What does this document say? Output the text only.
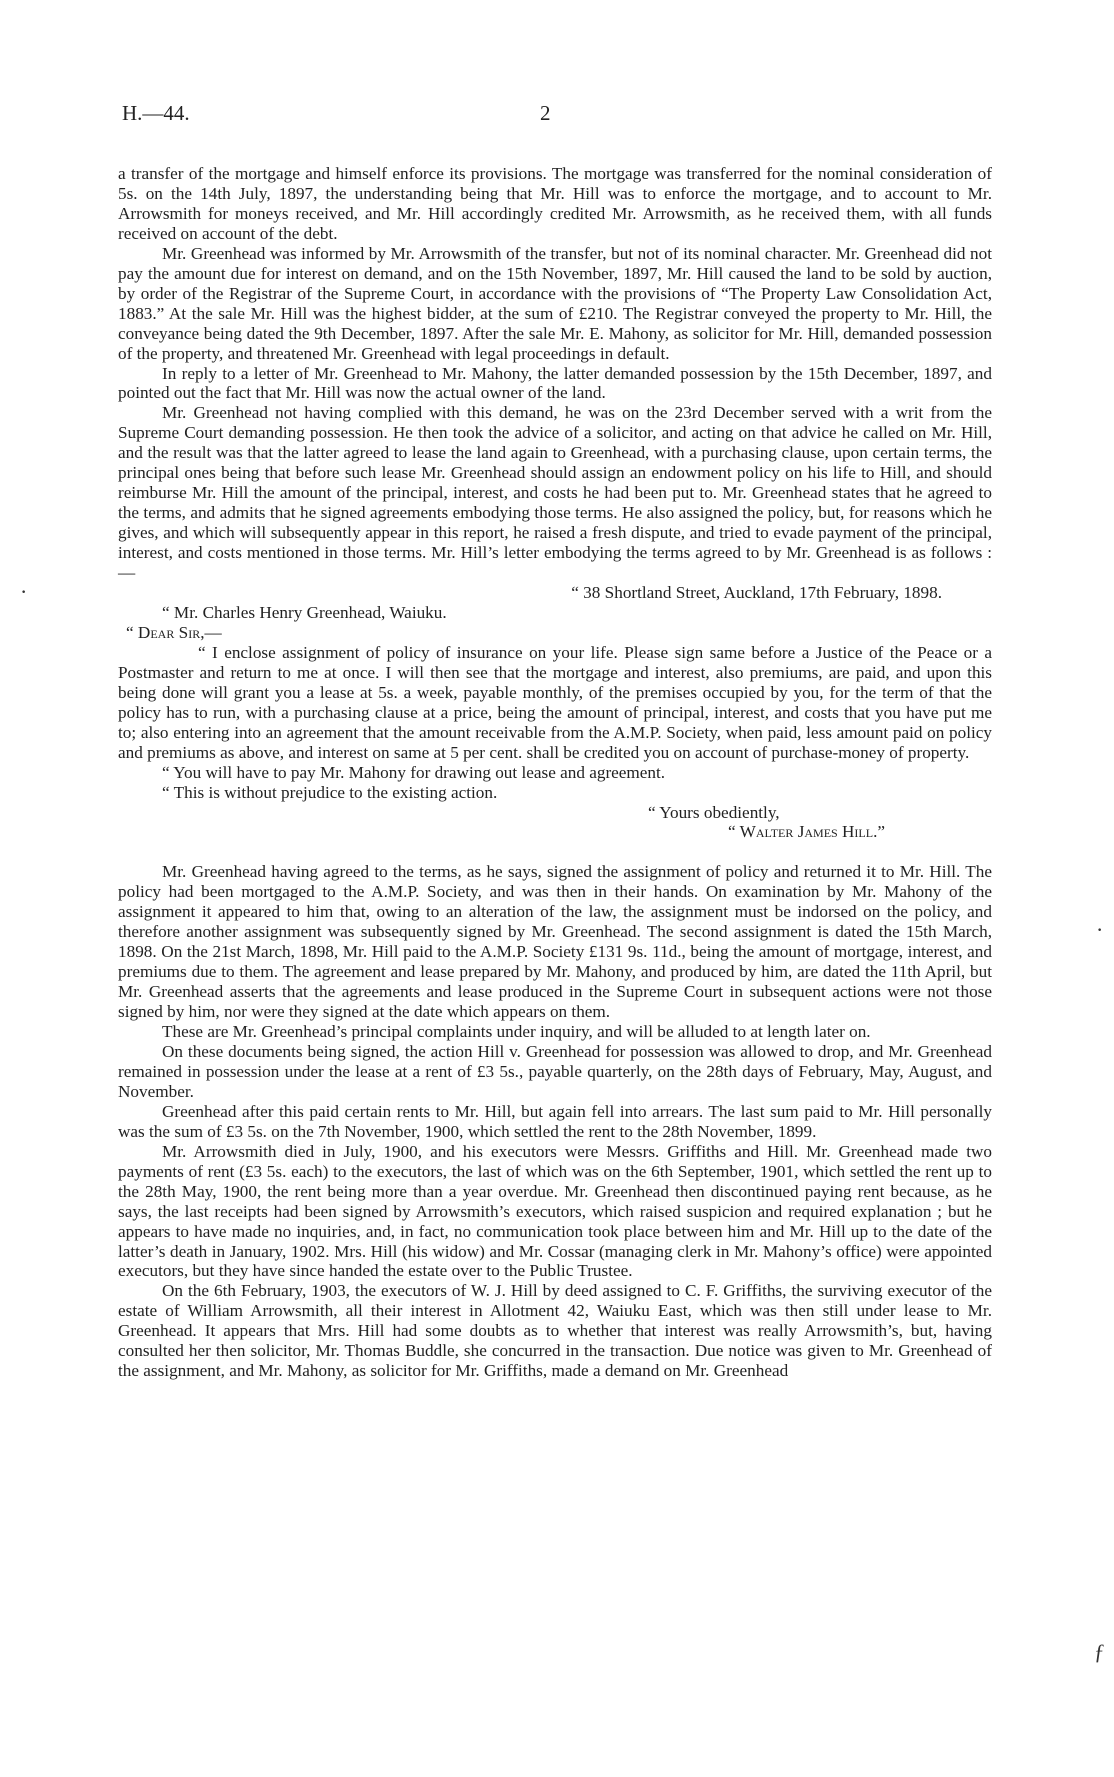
H.—44.	2

a transfer of the mortgage and himself enforce its provisions. The mortgage was transferred for the nominal consideration of 5s. on the 14th July, 1897, the understanding being that Mr. Hill was to enforce the mortgage, and to account to Mr. Arrowsmith for moneys received, and Mr. Hill accordingly credited Mr. Arrowsmith, as he received them, with all funds received on account of the debt.

Mr. Greenhead was informed by Mr. Arrowsmith of the transfer, but not of its nominal character. Mr. Greenhead did not pay the amount due for interest on demand, and on the 15th November, 1897, Mr. Hill caused the land to be sold by auction, by order of the Registrar of the Supreme Court, in accordance with the provisions of “The Property Law Consolidation Act, 1883.” At the sale Mr. Hill was the highest bidder, at the sum of £210. The Registrar conveyed the property to Mr. Hill, the conveyance being dated the 9th December, 1897. After the sale Mr. E. Mahony, as solicitor for Mr. Hill, demanded possession of the property, and threatened Mr. Greenhead with legal proceedings in default.

In reply to a letter of Mr. Greenhead to Mr. Mahony, the latter demanded possession by the 15th December, 1897, and pointed out the fact that Mr. Hill was now the actual owner of the land.

Mr. Greenhead not having complied with this demand, he was on the 23rd December served with a writ from the Supreme Court demanding possession. He then took the advice of a solicitor, and acting on that advice he called on Mr. Hill, and the result was that the latter agreed to lease the land again to Greenhead, with a purchasing clause, upon certain terms, the principal ones being that before such lease Mr. Greenhead should assign an endowment policy on his life to Hill, and should reimburse Mr. Hill the amount of the principal, interest, and costs he had been put to. Mr. Greenhead states that he agreed to the terms, and admits that he signed agreements embodying those terms. He also assigned the policy, but, for reasons which he gives, and which will subsequently appear in this report, he raised a fresh dispute, and tried to evade payment of the principal, interest, and costs mentioned in those terms. Mr. Hill’s letter embodying the terms agreed to by Mr. Greenhead is as follows :—

“ 38 Shortland Street, Auckland, 17th February, 1898.

“ Mr. Charles Henry Greenhead, Waiuku.

“ Dear Sir,—

“ I enclose assignment of policy of insurance on your life. Please sign same before a Justice of the Peace or a Postmaster and return to me at once. I will then see that the mortgage and interest, also premiums, are paid, and upon this being done will grant you a lease at 5s. a week, payable monthly, of the premises occupied by you, for the term of that the policy has to run, with a purchasing clause at a price, being the amount of principal, interest, and costs that you have put me to; also entering into an agreement that the amount receivable from the A.M.P. Society, when paid, less amount paid on policy and premiums as above, and interest on same at 5 per cent. shall be credited you on account of purchase-money of property.

“ You will have to pay Mr. Mahony for drawing out lease and agreement.

“ This is without prejudice to the existing action.

“ Yours obediently,

“ Walter James Hill.”

Mr. Greenhead having agreed to the terms, as he says, signed the assignment of policy and returned it to Mr. Hill. The policy had been mortgaged to the A.M.P. Society, and was then in their hands. On examination by Mr. Mahony of the assignment it appeared to him that, owing to an alteration of the law, the assignment must be indorsed on the policy, and therefore another assignment was subsequently signed by Mr. Greenhead. The second assignment is dated the 15th March, 1898. On the 21st March, 1898, Mr. Hill paid to the A.M.P. Society £131 9s. 11d., being the amount of mortgage, interest, and premiums due to them. The agreement and lease prepared by Mr. Mahony, and produced by him, are dated the 11th April, but Mr. Greenhead asserts that the agreements and lease produced in the Supreme Court in subsequent actions were not those signed by him, nor were they signed at the date which appears on them.

These are Mr. Greenhead’s principal complaints under inquiry, and will be alluded to at length later on.

On these documents being signed, the action Hill v. Greenhead for possession was allowed to drop, and Mr. Greenhead remained in possession under the lease at a rent of £3 5s., payable quarterly, on the 28th days of February, May, August, and November.

Greenhead after this paid certain rents to Mr. Hill, but again fell into arrears. The last sum paid to Mr. Hill personally was the sum of £3 5s. on the 7th November, 1900, which settled the rent to the 28th November, 1899.

Mr. Arrowsmith died in July, 1900, and his executors were Messrs. Griffiths and Hill. Mr. Greenhead made two payments of rent (£3 5s. each) to the executors, the last of which was on the 6th September, 1901, which settled the rent up to the 28th May, 1900, the rent being more than a year overdue. Mr. Greenhead then discontinued paying rent because, as he says, the last receipts had been signed by Arrowsmith’s executors, which raised suspicion and required explanation ; but he appears to have made no inquiries, and, in fact, no communication took place between him and Mr. Hill up to the date of the latter’s death in January, 1902. Mrs. Hill (his widow) and Mr. Cossar (managing clerk in Mr. Mahony’s office) were appointed executors, but they have since handed the estate over to the Public Trustee.

On the 6th February, 1903, the executors of W. J. Hill by deed assigned to C. F. Griffiths, the surviving executor of the estate of William Arrowsmith, all their interest in Allotment 42, Waiuku East, which was then still under lease to Mr. Greenhead. It appears that Mrs. Hill had some doubts as to whether that interest was really Arrowsmith’s, but, having consulted her then solicitor, Mr. Thomas Buddle, she concurred in the transaction. Due notice was given to Mr. Greenhead of the assignment, and Mr. Mahony, as solicitor for Mr. Griffiths, made a demand on Mr. Greenhead

·
·
ƒ
